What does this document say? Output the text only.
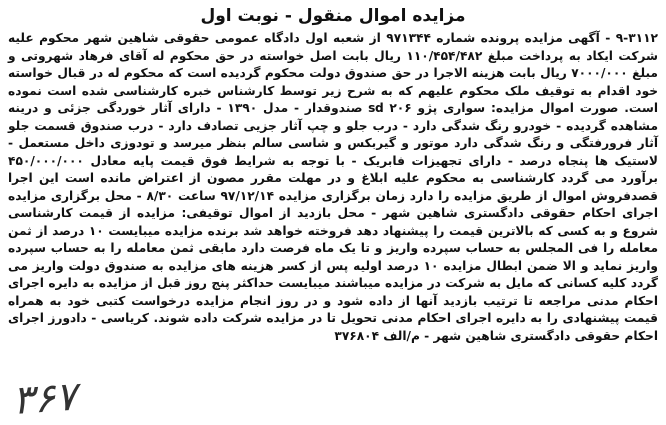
مزایده اموال منقول - نوبت اول

۹-۳۱۱۲ - آگهی مزایده پرونده شماره ۹۷۱۳۴۴ از شعبه اول دادگاه عمومی حقوقی شاهین شهر محکوم علیه شرکت ایکاد به پرداخت مبلغ ۱۱۰/۴۵۴/۴۸۲ ریال بابت اصل خواسته در حق محکوم له آقای فرهاد شهروتی و مبلغ ۷۰۰۰/۰۰۰ ریال بابت هزینه الاجرا در حق صندوق دولت محکوم گردیده است که محکوم له در قبال خواسته خود اقدام به توقیف ملک محکوم علیهم که به شرح زیر توسط کارشناس خبره کارشناسی شده است نموده است. صورت اموال مزایده: سواری پژو ۲۰۶ sd صندوقدار - مدل ۱۳۹۰ - دارای آثار خوردگی جزئی و درینه مشاهده گردیده - خودرو رنگ شدگی دارد - درب جلو و چپ آثار جزیی تصادف دارد - درب صندوق قسمت جلو آثار فرورفتگی و رنگ شدگی دارد موتور و گیربکس و شاسی سالم بنظر میرسد و تودوزی داخل مستعمل - لاستیک ها پنجاه درصد - دارای تجهیزات فابریک - با توجه به شرایط فوق قیمت پایه معادل ۴۵۰/۰۰۰/۰۰۰ برآورد می گردد کارشناسی به محکوم علیه ابلاغ و در مهلت مقرر مصون از اعتراض مانده است این اجرا قصدفروش اموال از طریق مزایده را دارد زمان برگزاری مزایده ۹۷/۱۲/۱۴ ساعت ۸/۳۰ - محل برگزاری مزایده اجرای احکام حقوقی دادگستری شاهین شهر - محل بازدید از اموال توقیفی: مزایده از قیمت کارشناسی شروع و به کسی که بالاترین قیمت را پیشنهاد دهد فروخته خواهد شد برنده مزایده میبایست ۱۰ درصد از ثمن معامله را فی المجلس به حساب سپرده واریز و تا یک ماه فرصت دارد مابقی ثمن معامله را به حساب سپرده واریز نماید و الا ضمن ابطال مزایده ۱۰ درصد اولیه پس از کسر هزینه های مزایده به صندوق دولت واریز می گردد کلیه کسانی که مایل به شرکت در مزایده میباشند میبایست حداکثر پنج روز قبل از مزایده به دایره اجرای احکام مدنی مراجعه تا ترتیب بازدید آنها از داده شود و در روز انجام مزایده درخواست کتبی خود به همراه قیمت پیشنهادی را به دایره اجرای احکام مدنی تحویل تا در مزایده شرکت داده شوند. کریاسی - دادورز اجرای احکام حقوقی دادگستری شاهین شهر - م/الف ۳۷۶۸۰۴

۳۶۷
